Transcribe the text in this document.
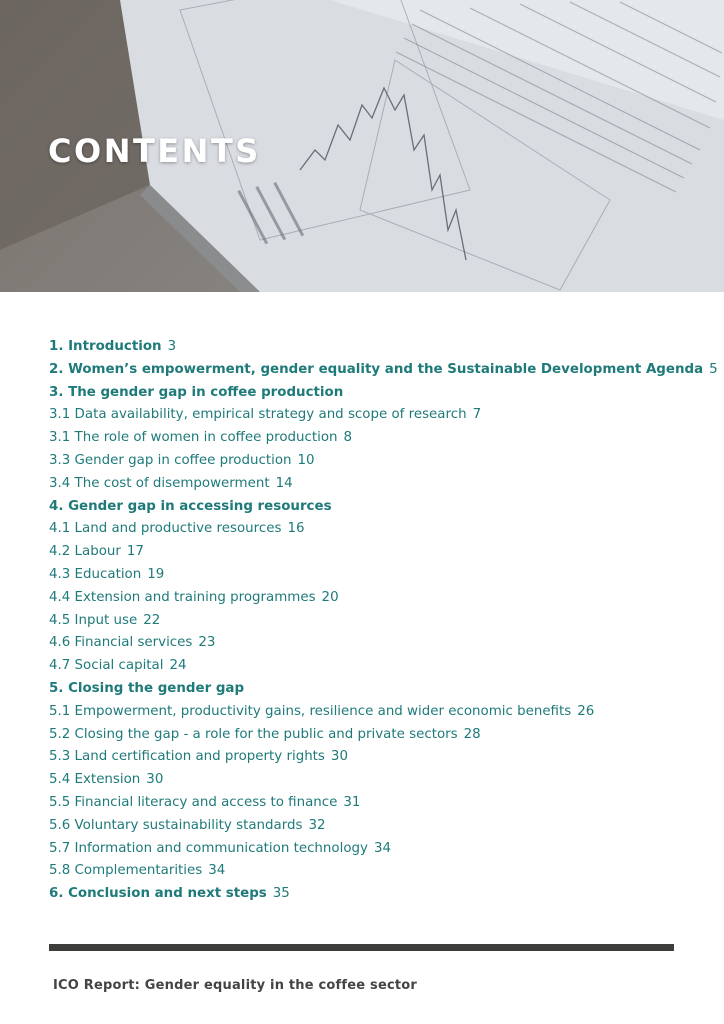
CONTENTS
1. Introduction 3
2. Women’s empowerment, gender equality and the Sustainable Development Agenda 5
3. The gender gap in coffee production
3.1 Data availability, empirical strategy and scope of research 7
3.1 The role of women in coffee production 8
3.3 Gender gap in coffee production 10
3.4 The cost of disempowerment 14
4. Gender gap in accessing resources
4.1 Land and productive resources 16
4.2 Labour 17
4.3 Education 19
4.4 Extension and training programmes 20
4.5 Input use 22
4.6 Financial services 23
4.7 Social capital 24
5. Closing the gender gap
5.1 Empowerment, productivity gains, resilience and wider economic benefits 26
5.2 Closing the gap - a role for the public and private sectors 28
5.3 Land certification and property rights 30
5.4 Extension 30
5.5 Financial literacy and access to finance 31
5.6 Voluntary sustainability standards 32
5.7 Information and communication technology 34
5.8 Complementarities 34
6. Conclusion and next steps 35
ICO Report: Gender equality in the coffee sector
